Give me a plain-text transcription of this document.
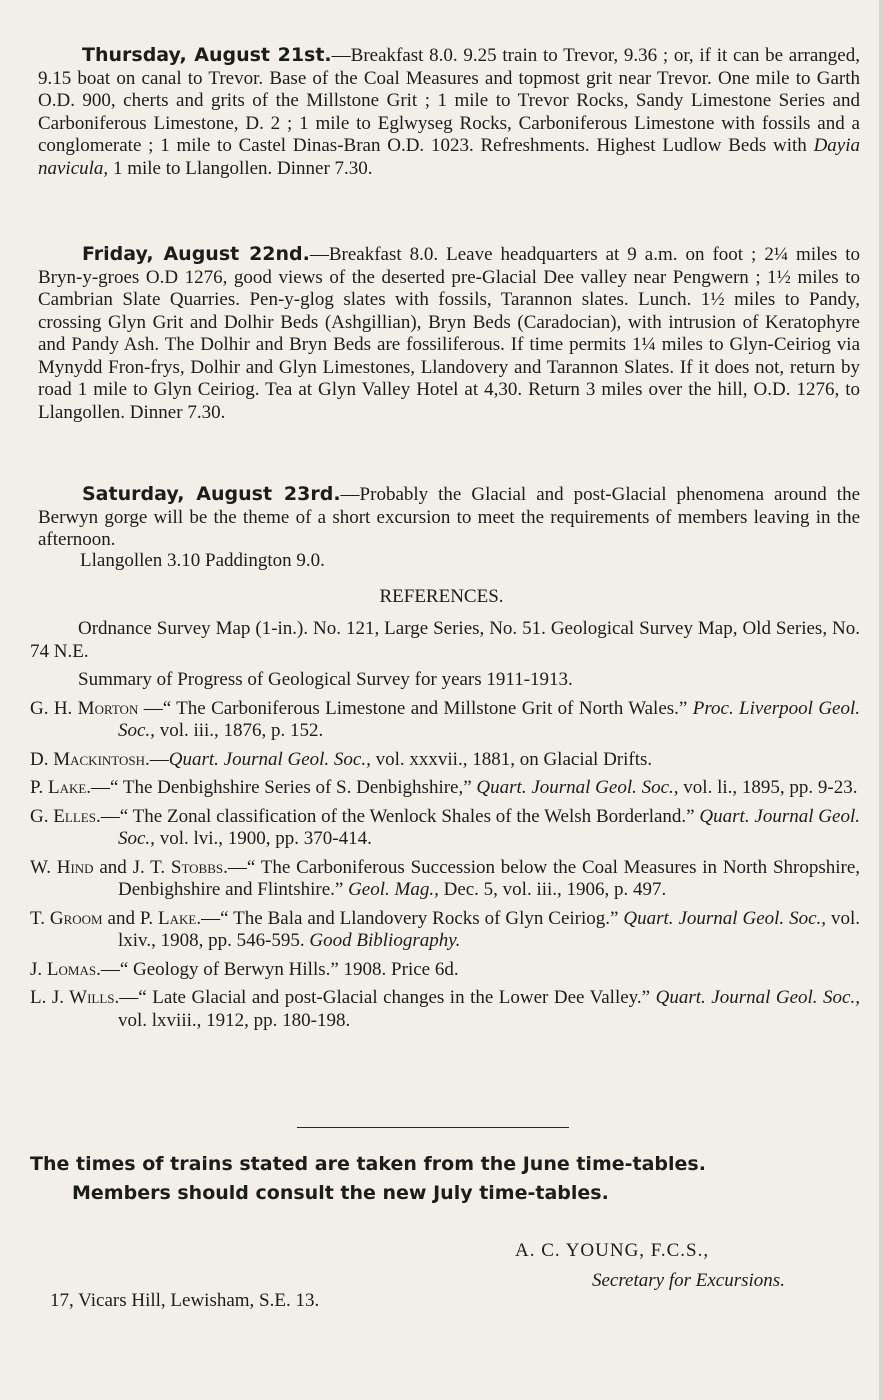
Thursday, August 21st.—Breakfast 8.0. 9.25 train to Trevor, 9.36 ; or, if it can be arranged, 9.15 boat on canal to Trevor. Base of the Coal Measures and topmost grit near Trevor. One mile to Garth O.D. 900, cherts and grits of the Millstone Grit ; 1 mile to Trevor Rocks, Sandy Limestone Series and Carboniferous Limestone, D. 2 ; 1 mile to Eglwyseg Rocks, Carboniferous Limestone with fossils and a conglomerate ; 1 mile to Castel Dinas-Bran O.D. 1023. Refreshments. Highest Ludlow Beds with Dayia navicula, 1 mile to Llangollen. Dinner 7.30.
Friday, August 22nd.—Breakfast 8.0. Leave headquarters at 9 a.m. on foot ; 2¼ miles to Bryn-y-groes O.D 1276, good views of the deserted pre-Glacial Dee valley near Pengwern ; 1½ miles to Cambrian Slate Quarries. Pen-y-glog slates with fossils, Tarannon slates. Lunch. 1½ miles to Pandy, crossing Glyn Grit and Dolhir Beds (Ashgillian), Bryn Beds (Caradocian), with intrusion of Keratophyre and Pandy Ash. The Dolhir and Bryn Beds are fossiliferous. If time permits 1¼ miles to Glyn-Ceiriog via Mynydd Fron-frys, Dolhir and Glyn Limestones, Llandovery and Tarannon Slates. If it does not, return by road 1 mile to Glyn Ceiriog. Tea at Glyn Valley Hotel at 4,30. Return 3 miles over the hill, O.D. 1276, to Llangollen. Dinner 7.30.
Saturday, August 23rd.—Probably the Glacial and post-Glacial phenomena around the Berwyn gorge will be the theme of a short excursion to meet the requirements of members leaving in the afternoon.
Llangollen 3.10 Paddington 9.0.
REFERENCES.
Ordnance Survey Map (1-in.). No. 121, Large Series, No. 51. Geological Survey Map, Old Series, No. 74 N.E.
Summary of Progress of Geological Survey for years 1911-1913.
G. H. Morton —“ The Carboniferous Limestone and Millstone Grit of North Wales.” Proc. Liverpool Geol. Soc., vol. iii., 1876, p. 152.
D. Mackintosh.—Quart. Journal Geol. Soc., vol. xxxvii., 1881, on Glacial Drifts.
P. Lake.—“ The Denbighshire Series of S. Denbighshire,” Quart. Journal Geol. Soc., vol. li., 1895, pp. 9-23.
G. Elles.—“ The Zonal classification of the Wenlock Shales of the Welsh Borderland.” Quart. Journal Geol. Soc., vol. lvi., 1900, pp. 370-414.
W. Hind and J. T. Stobbs.—“ The Carboniferous Succession below the Coal Measures in North Shropshire, Denbighshire and Flintshire.” Geol. Mag., Dec. 5, vol. iii., 1906, p. 497.
T. Groom and P. Lake.—“ The Bala and Llandovery Rocks of Glyn Ceiriog.” Quart. Journal Geol. Soc., vol. lxiv., 1908, pp. 546-595. Good Bibliography.
J. Lomas.—“ Geology of Berwyn Hills.” 1908. Price 6d.
L. J. Wills.—“ Late Glacial and post-Glacial changes in the Lower Dee Valley.” Quart. Journal Geol. Soc., vol. lxviii., 1912, pp. 180-198.
The times of trains stated are taken from the June time-tables.
Members should consult the new July time-tables.
A. C. YOUNG, F.C.S.,
Secretary for Excursions.
17, Vicars Hill, Lewisham, S.E. 13.
